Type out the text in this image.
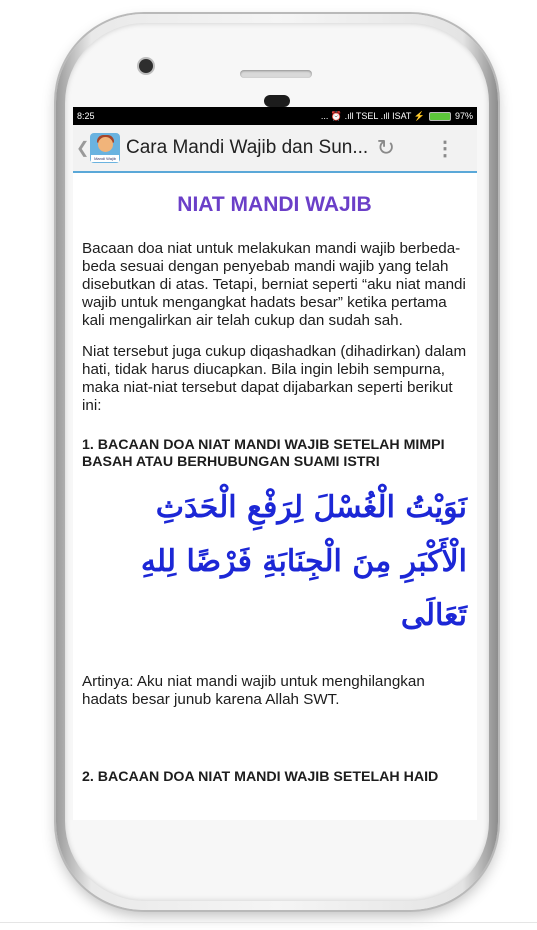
8:25	... ⏰ .ıll TSEL .ıll ISAT ⚡	97%
❮
Mandi Wajib
Cara Mandi Wajib dan Sun... ↻ ⋮
NIAT MANDI WAJIB

Bacaan doa niat untuk melakukan mandi wajib berbeda-beda sesuai dengan penyebab mandi wajib yang telah disebutkan di atas. Tetapi, berniat seperti “aku niat mandi wajib untuk mengangkat hadats besar” ketika pertama kali mengalirkan air telah cukup dan sudah sah.

Niat tersebut juga cukup diqashadkan (dihadirkan) dalam hati, tidak harus diucapkan. Bila ingin lebih sempurna, maka niat-niat tersebut dapat dijabarkan seperti berikut ini:

1. BACAAN DOA NIAT MANDI WAJIB SETELAH MIMPI BASAH ATAU BERHUBUNGAN SUAMI ISTRI
نَوَيْتُ الْغُسْلَ لِرَفْعِ الْحَدَثِ الْأَكْبَرِ مِنَ الْجِنَابَةِ فَرْضًا لِلهِ تَعَالَى

Artinya: Aku niat mandi wajib untuk menghilangkan hadats besar junub karena Allah SWT.

2. BACAAN DOA NIAT MANDI WAJIB SETELAH HAID
